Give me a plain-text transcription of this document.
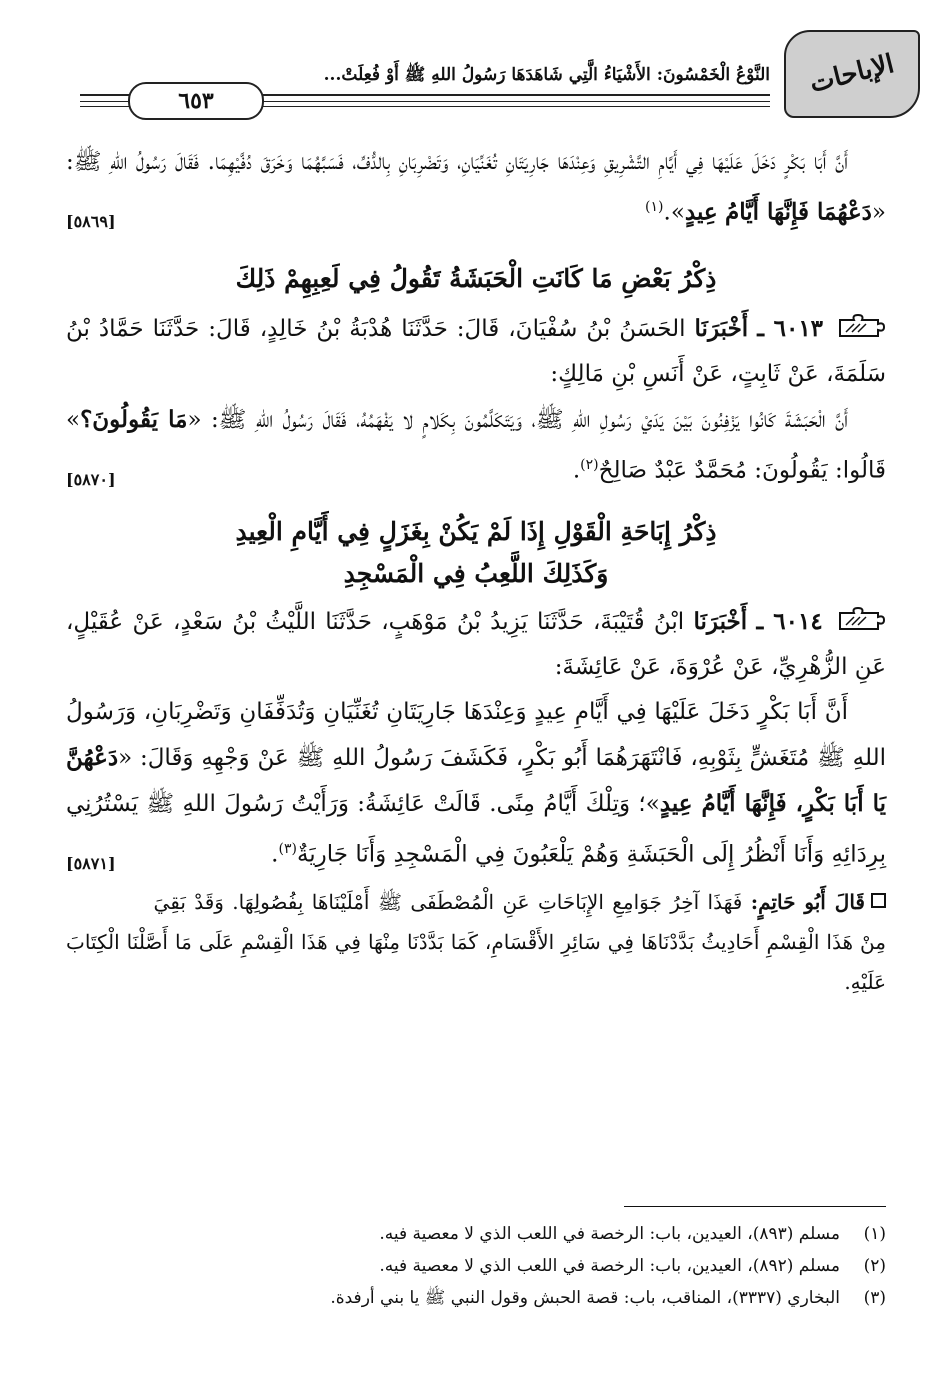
الإباحات
النَّوْعُ الْخَمْسُونَ: الأَشْيَاءُ الَّتِي شَاهَدَهَا رَسُولُ اللهِ ﷺ أَوْ فُعِلَتْ...
٦٥٣

أَنَّ أَبَا بَكْرٍ دَخَلَ عَلَيْهَا فِي أَيَّامِ التَّشْرِيقِ وَعِنْدَهَا جَارِيَتَانِ تُغَنِّيَانِ، وَتَضْرِبَانِ بِالدُّفِّ، فَسَبَّهُمَا وَخَرَقَ دُفَّيْهِمَا. فَقَالَ رَسُولُ اللهِ ﷺ: «دَعْهُمَا فَإِنَّهَا أَيَّامُ عِيدٍ».$^{(١)}$
[٥٨٦٩]

ذِكْرُ بَعْضِ مَا كَانَتِ الْحَبَشَةُ تَقُولُ فِي لَعِبِهِمْ ذَلِكَ

٦٠١٣ ـ أَخْبَرَنَا الحَسَنُ بْنُ سُفْيَانَ، قَالَ: حَدَّثَنَا هُدْبَةُ بْنُ خَالِدٍ، قَالَ: حَدَّثَنَا حَمَّادُ بْنُ سَلَمَةَ، عَنْ ثَابِتٍ، عَنْ أَنَسِ بْنِ مَالِكٍ:

أَنَّ الْحَبَشَةَ كَانُوا يَزْفِنُونَ بَيْنَ يَدَيْ رَسُولِ اللهِ ﷺ، وَيَتَكَلَّمُونَ بِكَلامٍ لا يَفْهَمُهُ، فَقَالَ رَسُولُ اللهِ ﷺ: «مَا يَقُولُونَ؟» قَالُوا: يَقُولُونَ: مُحَمَّدٌ عَبْدٌ صَالِحٌ$^{(٢)}$.
[٥٨٧٠]

ذِكْرُ إِبَاحَةِ الْقَوْلِ إِذَا لَمْ يَكُنْ بِغَزَلٍ فِي أَيَّامِ الْعِيدِ
وَكَذَلِكَ اللَّعِبُ فِي الْمَسْجِدِ

٦٠١٤ ـ أَخْبَرَنَا ابْنُ قُتَيْبَةَ، حَدَّثَنَا يَزِيدُ بْنُ مَوْهَبٍ، حَدَّثَنَا اللَّيْثُ بْنُ سَعْدٍ، عَنْ عُقَيْلٍ، عَنِ الزُّهْرِيِّ، عَنْ عُرْوَةَ، عَنْ عَائِشَةَ:

أَنَّ أَبَا بَكْرٍ دَخَلَ عَلَيْهَا فِي أَيَّامِ عِيدٍ وَعِنْدَهَا جَارِيَتَانِ تُغَنِّيَانِ وَتُدَفِّفَانِ وَتَضْرِبَانِ، وَرَسُولُ اللهِ ﷺ مُتَغَشٍّ بِثَوْبِهِ، فَانْتَهَرَهُمَا أَبُو بَكْرٍ، فَكَشَفَ رَسُولُ اللهِ ﷺ عَنْ وَجْهِهِ وَقَالَ: «دَعْهُنَّ يَا أَبَا بَكْرٍ، فَإِنَّهَا أَيَّامُ عِيدٍ»؛ وَتِلْكَ أَيَّامُ مِنًى. قَالَتْ عَائِشَةُ: وَرَأَيْتُ رَسُولَ اللهِ ﷺ يَسْتُرُنِي بِرِدَائِهِ وَأَنَا أَنْظُرُ إِلَى الْحَبَشَةِ وَهُمْ يَلْعَبُونَ فِي الْمَسْجِدِ وَأَنَا جَارِيَةٌ$^{(٣)}$.
[٥٨٧١]

قَالَ أَبُو حَاتِمٍ: فَهَذَا آخِرُ جَوَامِعِ الإِبَاحَاتِ عَنِ الْمُصْطَفَى ﷺ أَمْلَيْنَاهَا بِفُصُولِهَا. وَقَدْ بَقِيَ مِنْ هَذَا الْقِسْمِ أَحَادِيثُ بَدَّدْنَاهَا فِي سَائِرِ الأَقْسَامِ، كَمَا بَدَّدْنَا مِنْهَا فِي هَذَا الْقِسْمِ عَلَى مَا أَصَّلْنَا الْكِتَابَ عَلَيْهِ.

(١)مسلم (٨٩٣)، العيدين، باب: الرخصة في اللعب الذي لا معصية فيه.

(٢)مسلم (٨٩٢)، العيدين، باب: الرخصة في اللعب الذي لا معصية فيه.

(٣)البخاري (٣٣٣٧)، المناقب، باب: قصة الحبش وقول النبي ﷺ يا بني أرفدة.
